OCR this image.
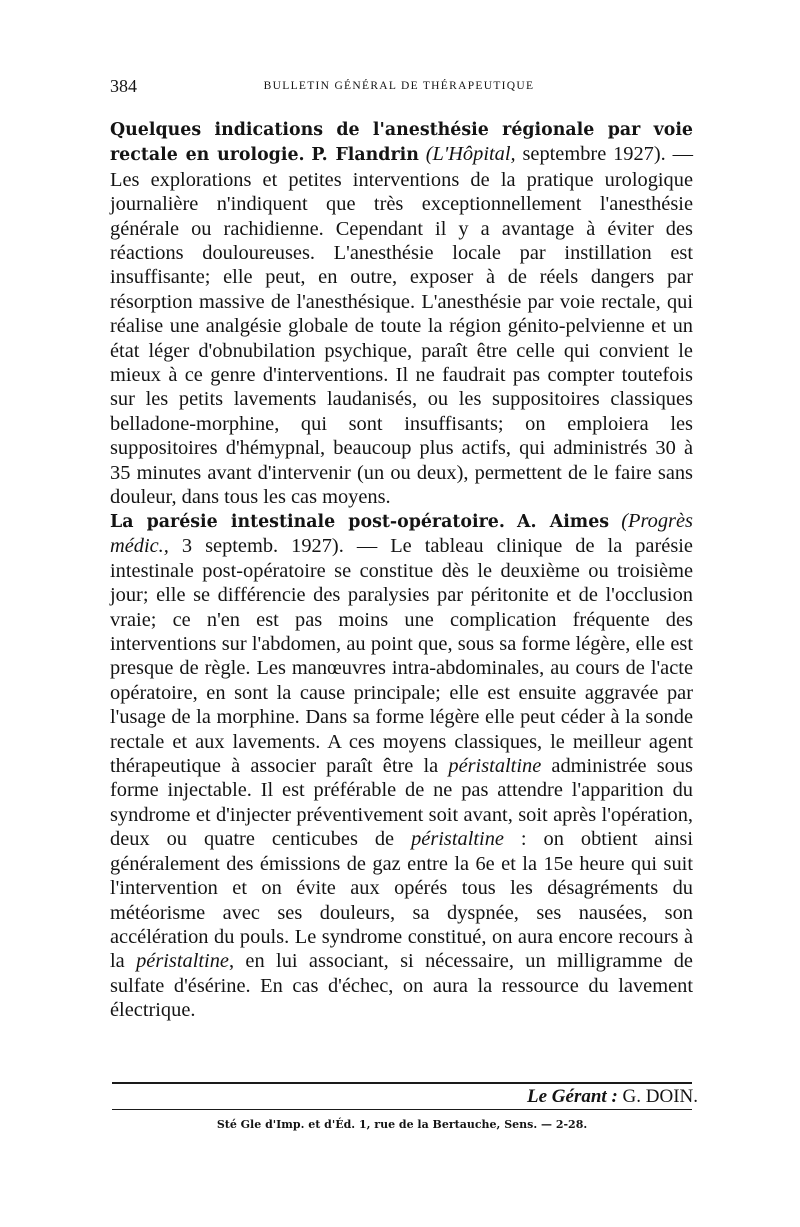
384	BULLETIN GÉNÉRAL DE THÉRAPEUTIQUE

Quelques indications de l'anesthésie régionale par voie rectale en urologie. P. Flandrin (L'Hôpital, septembre 1927). — Les explorations et petites interventions de la pratique urologique journalière n'indiquent que très exceptionnellement l'anesthésie générale ou rachidienne. Cependant il y a avantage à éviter des réactions douloureuses. L'anesthésie locale par instillation est insuffisante; elle peut, en outre, exposer à de réels dangers par résorption massive de l'anesthésique. L'anesthésie par voie rectale, qui réalise une analgésie globale de toute la région génito-pelvienne et un état léger d'obnubilation psychique, paraît être celle qui convient le mieux à ce genre d'interventions. Il ne faudrait pas compter toutefois sur les petits lavements laudanisés, ou les suppositoires classiques belladone-morphine, qui sont insuffisants; on emploiera les suppositoires d'hémypnal, beaucoup plus actifs, qui administrés 30 à 35 minutes avant d'intervenir (un ou deux), permettent de le faire sans douleur, dans tous les cas moyens.

La parésie intestinale post-opératoire. A. Aimes (Progrès médic., 3 septemb. 1927). — Le tableau clinique de la parésie intestinale post-opératoire se constitue dès le deuxième ou troisième jour; elle se différencie des paralysies par péritonite et de l'occlusion vraie; ce n'en est pas moins une complication fréquente des interventions sur l'abdomen, au point que, sous sa forme légère, elle est presque de règle. Les manœuvres intra-abdominales, au cours de l'acte opératoire, en sont la cause principale; elle est ensuite aggravée par l'usage de la morphine. Dans sa forme légère elle peut céder à la sonde rectale et aux lavements. A ces moyens classiques, le meilleur agent thérapeutique à associer paraît être la péristaltine administrée sous forme injectable. Il est préférable de ne pas attendre l'apparition du syndrome et d'injecter préventivement soit avant, soit après l'opération, deux ou quatre centicubes de péristaltine : on obtient ainsi généralement des émissions de gaz entre la 6e et la 15e heure qui suit l'intervention et on évite aux opérés tous les désagréments du météorisme avec ses douleurs, sa dyspnée, ses nausées, son accélération du pouls. Le syndrome constitué, on aura encore recours à la péristaltine, en lui associant, si nécessaire, un milligramme de sulfate d'ésérine. En cas d'échec, on aura la ressource du lavement électrique.

Le Gérant : G. DOIN.
Sté Gle d'Imp. et d'Éd. 1, rue de la Bertauche, Sens. — 2-28.
